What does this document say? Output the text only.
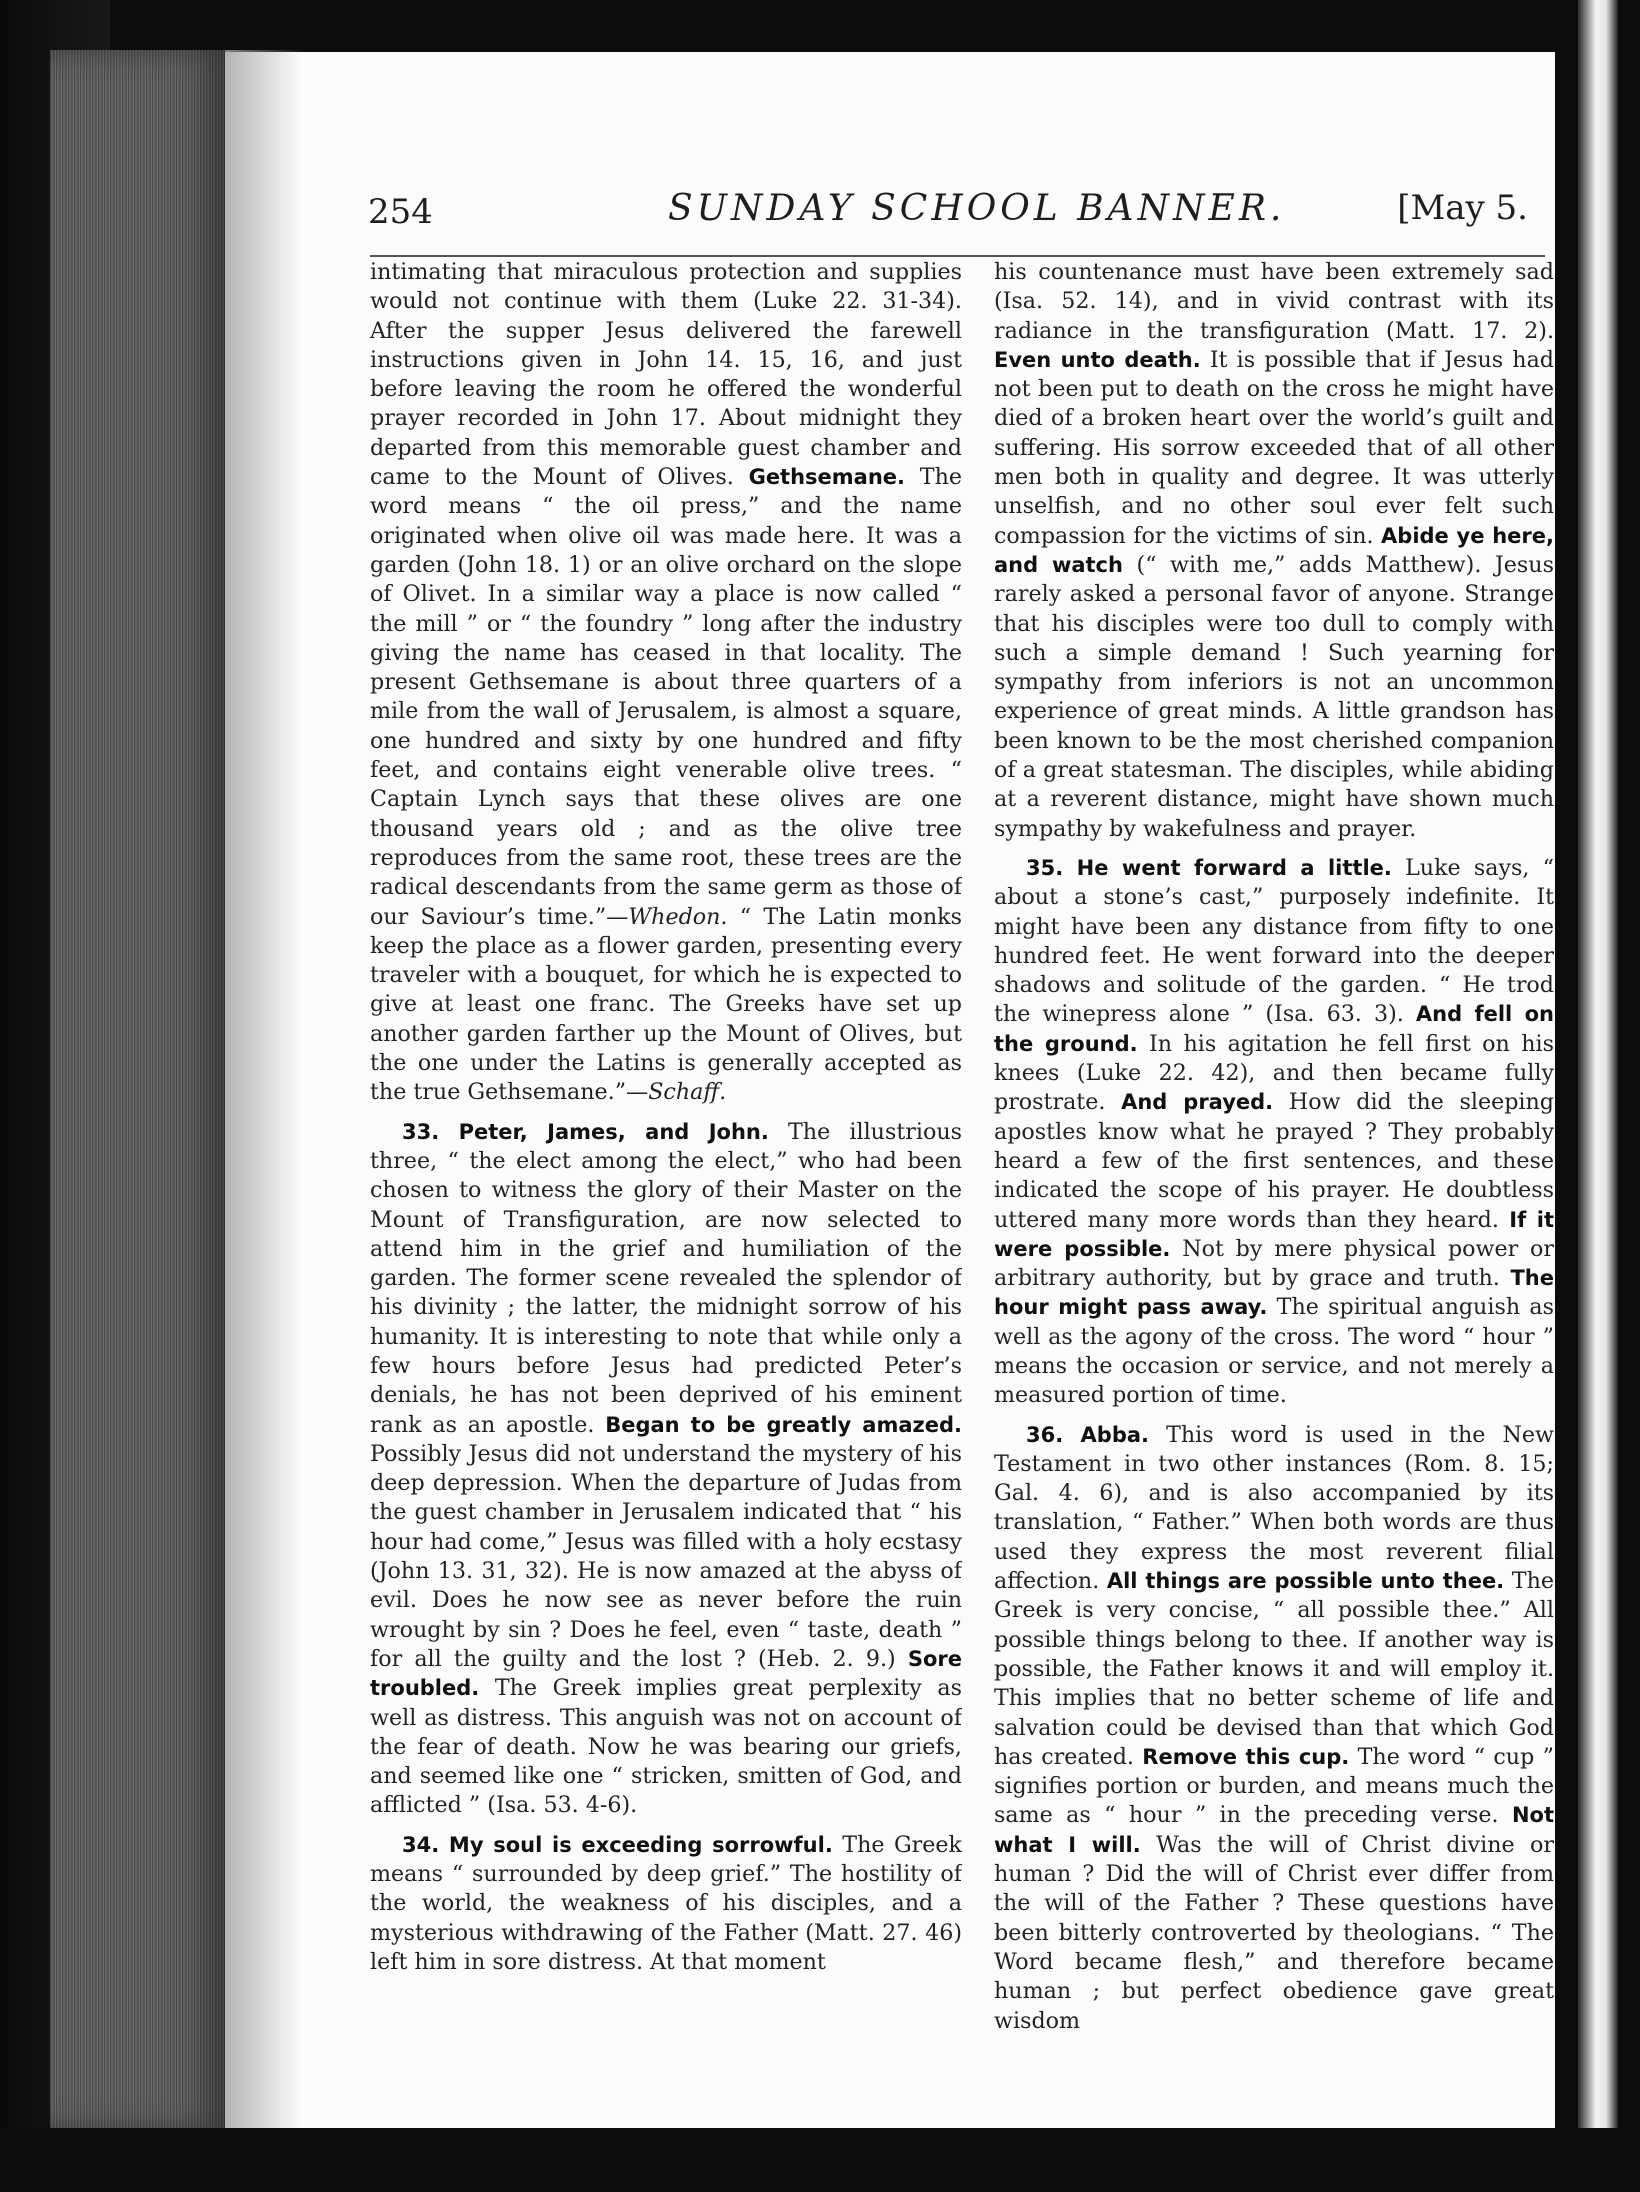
254	SUNDAY SCHOOL BANNER.	[May 5.

intimating that miraculous protection and supplies would not continue with them (Luke 22. 31-34). After the supper Jesus delivered the farewell instructions given in John 14. 15, 16, and just before leaving the room he offered the wonderful prayer recorded in John 17. About midnight they departed from this memorable guest chamber and came to the Mount of Olives. Gethsemane. The word means “ the oil press,” and the name originated when olive oil was made here. It was a garden (John 18. 1) or an olive orchard on the slope of Olivet. In a similar way a place is now called “ the mill ” or “ the foundry ” long after the industry giving the name has ceased in that locality. The present Gethsemane is about three quarters of a mile from the wall of Jerusalem, is almost a square, one hundred and sixty by one hundred and fifty feet, and contains eight venerable olive trees. “ Captain Lynch says that these olives are one thousand years old ; and as the olive tree reproduces from the same root, these trees are the radical descendants from the same germ as those of our Saviour’s time.”—Whedon. “ The Latin monks keep the place as a flower garden, presenting every traveler with a bouquet, for which he is expected to give at least one franc. The Greeks have set up another garden farther up the Mount of Olives, but the one under the Latins is generally accepted as the true Gethsemane.”—Schaff.

33. Peter, James, and John. The illustrious three, “ the elect among the elect,” who had been chosen to witness the glory of their Master on the Mount of Transfiguration, are now selected to attend him in the grief and humiliation of the garden. The former scene revealed the splendor of his divinity ; the latter, the midnight sorrow of his humanity. It is interesting to note that while only a few hours before Jesus had predicted Peter’s denials, he has not been deprived of his eminent rank as an apostle. Began to be greatly amazed. Possibly Jesus did not understand the mystery of his deep depression. When the departure of Judas from the guest chamber in Jerusalem indicated that “ his hour had come,” Jesus was filled with a holy ecstasy (John 13. 31, 32). He is now amazed at the abyss of evil. Does he now see as never before the ruin wrought by sin ? Does he feel, even “ taste, death ” for all the guilty and the lost ? (Heb. 2. 9.) Sore troubled. The Greek implies great perplexity as well as distress. This anguish was not on account of the fear of death. Now he was bearing our griefs, and seemed like one “ stricken, smitten of God, and afflicted ” (Isa. 53. 4-6).

34. My soul is exceeding sorrowful. The Greek means “ surrounded by deep grief.” The hostility of the world, the weakness of his disciples, and a mysterious withdrawing of the Father (Matt. 27. 46) left him in sore distress. At that moment

his countenance must have been extremely sad (Isa. 52. 14), and in vivid contrast with its radiance in the transfiguration (Matt. 17. 2). Even unto death. It is possible that if Jesus had not been put to death on the cross he might have died of a broken heart over the world’s guilt and suffering. His sorrow exceeded that of all other men both in quality and degree. It was utterly unselfish, and no other soul ever felt such compassion for the victims of sin. Abide ye here, and watch (“ with me,” adds Matthew). Jesus rarely asked a personal favor of anyone. Strange that his disciples were too dull to comply with such a simple demand ! Such yearning for sympathy from inferiors is not an uncommon experience of great minds. A little grandson has been known to be the most cherished companion of a great statesman. The disciples, while abiding at a reverent distance, might have shown much sympathy by wakefulness and prayer.

35. He went forward a little. Luke says, “ about a stone’s cast,” purposely indefinite. It might have been any distance from fifty to one hundred feet. He went forward into the deeper shadows and solitude of the garden. “ He trod the winepress alone ” (Isa. 63. 3). And fell on the ground. In his agitation he fell first on his knees (Luke 22. 42), and then became fully prostrate. And prayed. How did the sleeping apostles know what he prayed ? They probably heard a few of the first sentences, and these indicated the scope of his prayer. He doubtless uttered many more words than they heard. If it were possible. Not by mere physical power or arbitrary authority, but by grace and truth. The hour might pass away. The spiritual anguish as well as the agony of the cross. The word “ hour ” means the occasion or service, and not merely a measured portion of time.

36. Abba. This word is used in the New Testament in two other instances (Rom. 8. 15; Gal. 4. 6), and is also accompanied by its translation, “ Father.” When both words are thus used they express the most reverent filial affection. All things are possible unto thee. The Greek is very concise, “ all possible thee.” All possible things belong to thee. If another way is possible, the Father knows it and will employ it. This implies that no better scheme of life and salvation could be devised than that which God has created. Remove this cup. The word “ cup ” signifies portion or burden, and means much the same as “ hour ” in the preceding verse. Not what I will. Was the will of Christ divine or human ? Did the will of Christ ever differ from the will of the Father ? These questions have been bitterly controverted by theologians. “ The Word became flesh,” and therefore became human ; but perfect obedience gave great wisdom
